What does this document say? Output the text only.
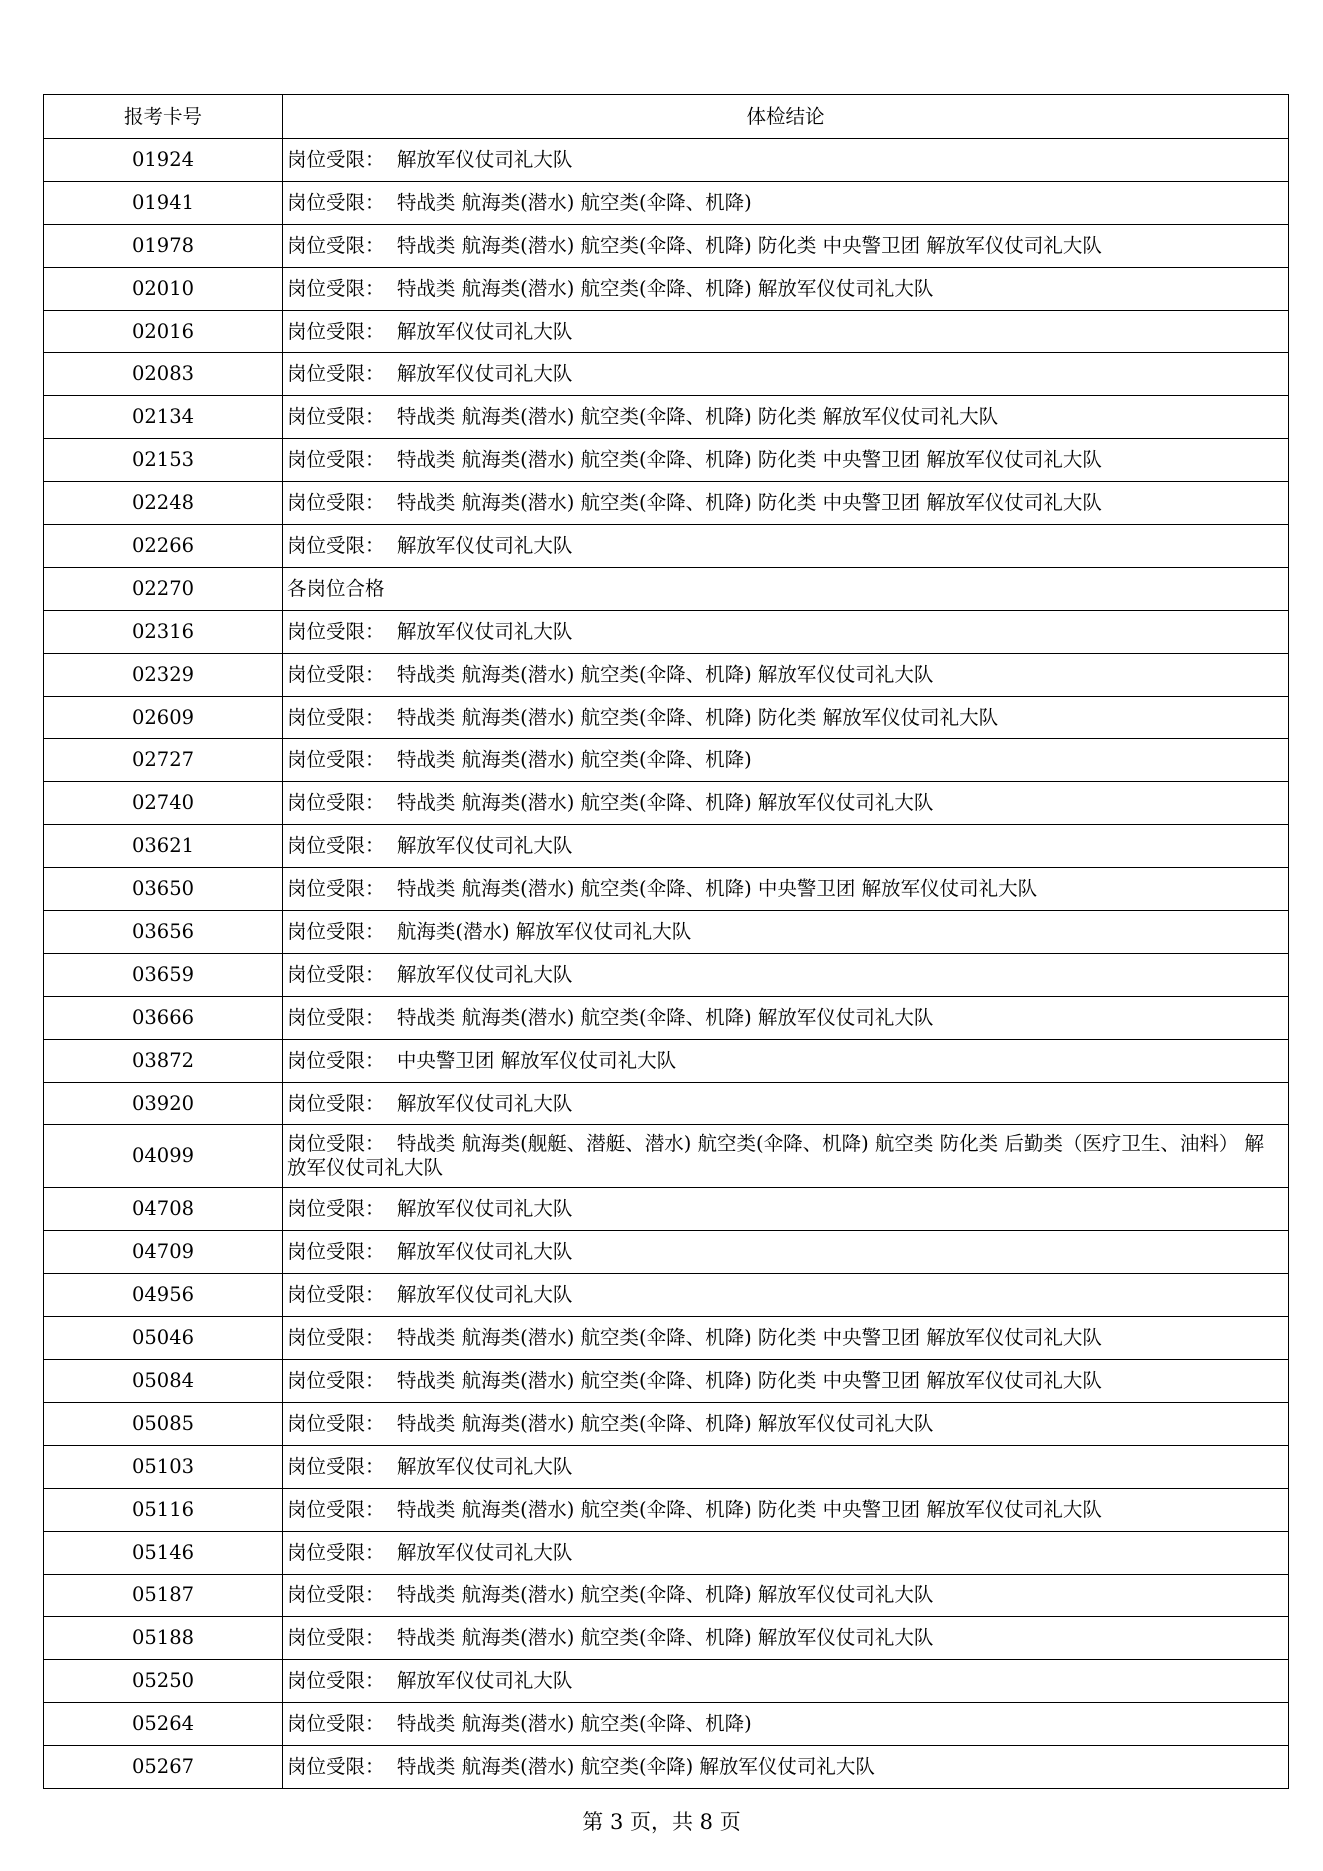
报考卡号	体检结论
01924	岗位受限：  解放军仪仗司礼大队
01941	岗位受限：  特战类 航海类(潜水) 航空类(伞降、机降)
01978	岗位受限：  特战类 航海类(潜水) 航空类(伞降、机降) 防化类 中央警卫团 解放军仪仗司礼大队
02010	岗位受限：  特战类 航海类(潜水) 航空类(伞降、机降) 解放军仪仗司礼大队
02016	岗位受限：  解放军仪仗司礼大队
02083	岗位受限：  解放军仪仗司礼大队
02134	岗位受限：  特战类 航海类(潜水) 航空类(伞降、机降) 防化类 解放军仪仗司礼大队
02153	岗位受限：  特战类 航海类(潜水) 航空类(伞降、机降) 防化类 中央警卫团 解放军仪仗司礼大队
02248	岗位受限：  特战类 航海类(潜水) 航空类(伞降、机降) 防化类 中央警卫团 解放军仪仗司礼大队
02266	岗位受限：  解放军仪仗司礼大队
02270	各岗位合格
02316	岗位受限：  解放军仪仗司礼大队
02329	岗位受限：  特战类 航海类(潜水) 航空类(伞降、机降) 解放军仪仗司礼大队
02609	岗位受限：  特战类 航海类(潜水) 航空类(伞降、机降) 防化类 解放军仪仗司礼大队
02727	岗位受限：  特战类 航海类(潜水) 航空类(伞降、机降)
02740	岗位受限：  特战类 航海类(潜水) 航空类(伞降、机降) 解放军仪仗司礼大队
03621	岗位受限：  解放军仪仗司礼大队
03650	岗位受限：  特战类 航海类(潜水) 航空类(伞降、机降) 中央警卫团 解放军仪仗司礼大队
03656	岗位受限：  航海类(潜水) 解放军仪仗司礼大队
03659	岗位受限：  解放军仪仗司礼大队
03666	岗位受限：  特战类 航海类(潜水) 航空类(伞降、机降) 解放军仪仗司礼大队
03872	岗位受限：  中央警卫团 解放军仪仗司礼大队
03920	岗位受限：  解放军仪仗司礼大队
04099	岗位受限：  特战类 航海类(舰艇、潜艇、潜水) 航空类(伞降、机降) 航空类 防化类 后勤类（医疗卫生、油料） 解放军仪仗司礼大队
04708	岗位受限：  解放军仪仗司礼大队
04709	岗位受限：  解放军仪仗司礼大队
04956	岗位受限：  解放军仪仗司礼大队
05046	岗位受限：  特战类 航海类(潜水) 航空类(伞降、机降) 防化类 中央警卫团 解放军仪仗司礼大队
05084	岗位受限：  特战类 航海类(潜水) 航空类(伞降、机降) 防化类 中央警卫团 解放军仪仗司礼大队
05085	岗位受限：  特战类 航海类(潜水) 航空类(伞降、机降) 解放军仪仗司礼大队
05103	岗位受限：  解放军仪仗司礼大队
05116	岗位受限：  特战类 航海类(潜水) 航空类(伞降、机降) 防化类 中央警卫团 解放军仪仗司礼大队
05146	岗位受限：  解放军仪仗司礼大队
05187	岗位受限：  特战类 航海类(潜水) 航空类(伞降、机降) 解放军仪仗司礼大队
05188	岗位受限：  特战类 航海类(潜水) 航空类(伞降、机降) 解放军仪仗司礼大队
05250	岗位受限：  解放军仪仗司礼大队
05264	岗位受限：  特战类 航海类(潜水) 航空类(伞降、机降)
05267	岗位受限：  特战类 航海类(潜水) 航空类(伞降) 解放军仪仗司礼大队
第 3 页，共 8 页
